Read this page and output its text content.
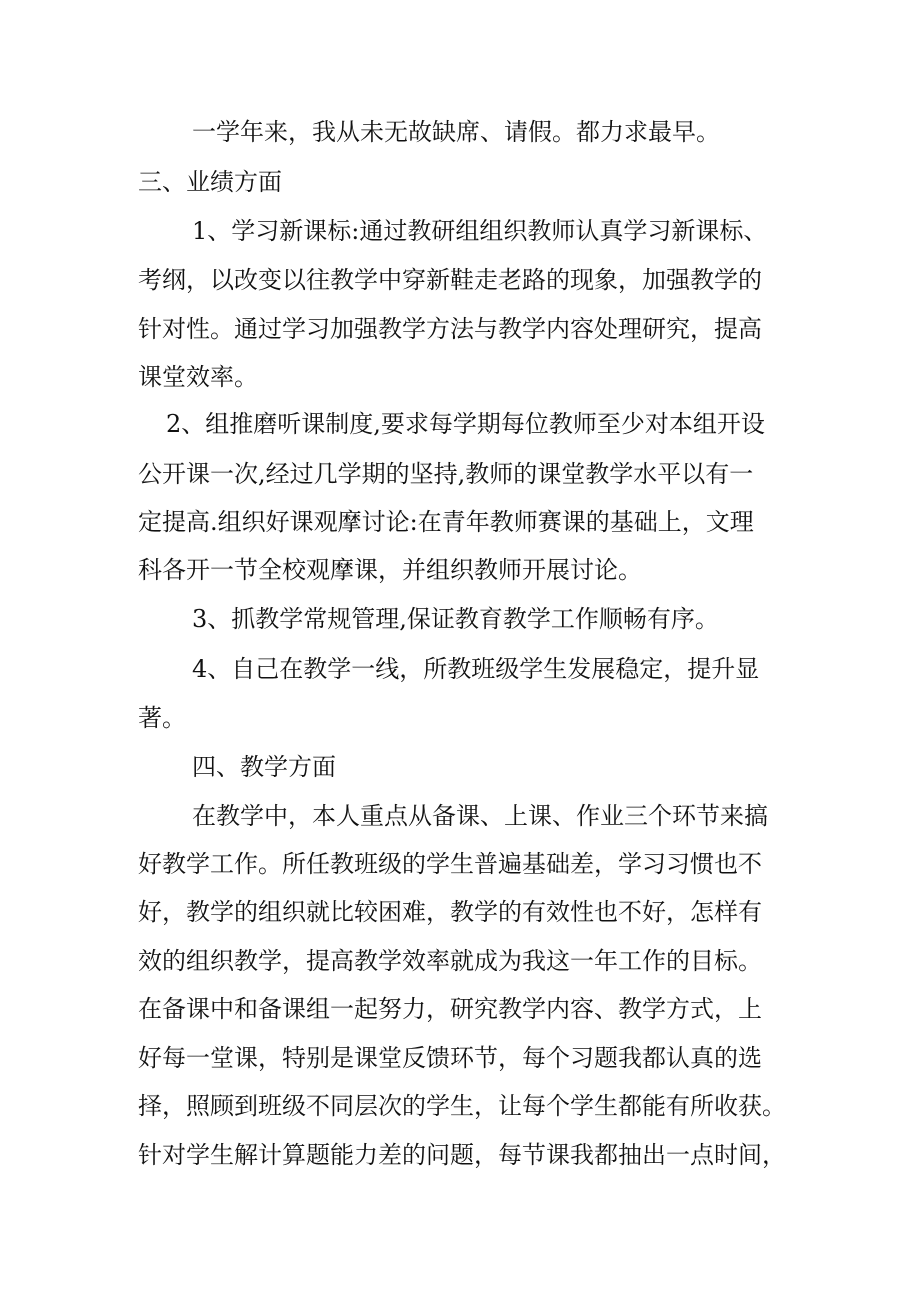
一学年来，我从未无故缺席、请假。都力求最早。
三、业绩方面
1、学习新课标:通过教研组组织教师认真学习新课标、
考纲，以改变以往教学中穿新鞋走老路的现象，加强教学的
针对性。通过学习加强教学方法与教学内容处理研究，提高
课堂效率。
2、组推磨听课制度,要求每学期每位教师至少对本组开设
公开课一次,经过几学期的坚持,教师的课堂教学水平以有一
定提高.组织好课观摩讨论:在青年教师赛课的基础上，文理
科各开一节全校观摩课，并组织教师开展讨论。
3、抓教学常规管理,保证教育教学工作顺畅有序。
4、自己在教学一线，所教班级学生发展稳定，提升显
著。
四、教学方面
在教学中，本人重点从备课、上课、作业三个环节来搞
好教学工作。所任教班级的学生普遍基础差，学习习惯也不
好，教学的组织就比较困难，教学的有效性也不好，怎样有
效的组织教学，提高教学效率就成为我这一年工作的目标。
在备课中和备课组一起努力，研究教学内容、教学方式，上
好每一堂课，特别是课堂反馈环节，每个习题我都认真的选
择，照顾到班级不同层次的学生，让每个学生都能有所收获。
针对学生解计算题能力差的问题，每节课我都抽出一点时间，
